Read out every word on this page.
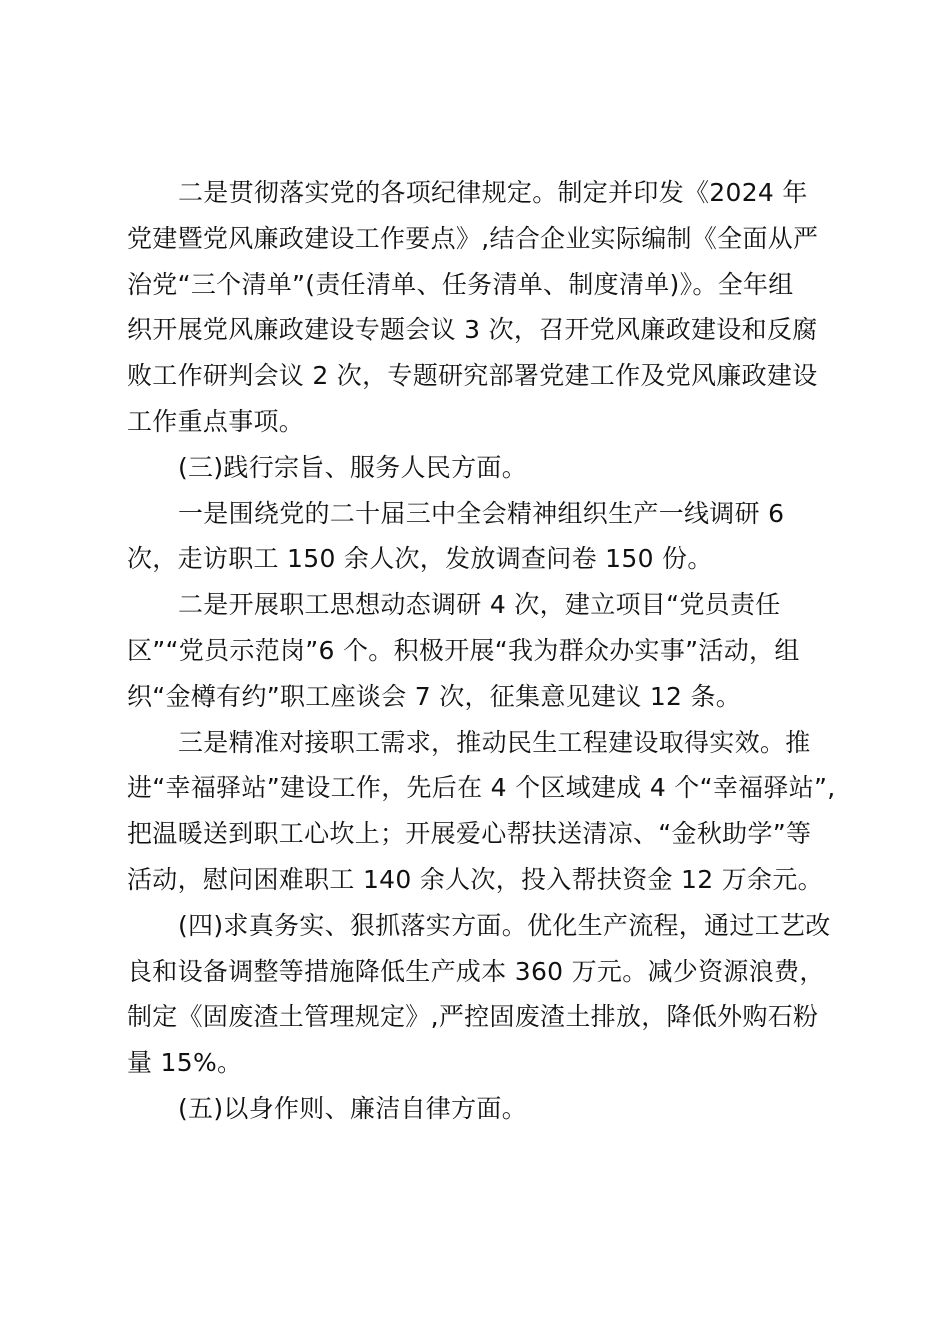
二是贯彻落实党的各项纪律规定。制定并印发《2024 年
党建暨党风廉政建设工作要点》,结合企业实际编制《全面从严
治党“三个清单”(责任清单、任务清单、制度清单)》。全年组
织开展党风廉政建设专题会议 3 次，召开党风廉政建设和反腐
败工作研判会议 2 次，专题研究部署党建工作及党风廉政建设
工作重点事项。
(三)践行宗旨、服务人民方面。
一是围绕党的二十届三中全会精神组织生产一线调研 6
次，走访职工 150 余人次，发放调查问卷 150 份。
二是开展职工思想动态调研 4 次，建立项目“党员责任
区”“党员示范岗”6 个。积极开展“我为群众办实事”活动，组
织“金樽有约”职工座谈会 7 次，征集意见建议 12 条。
三是精准对接职工需求，推动民生工程建设取得实效。推
进“幸福驿站”建设工作，先后在 4 个区域建成 4 个“幸福驿站”,
把温暖送到职工心坎上；开展爱心帮扶送清凉、“金秋助学”等
活动，慰问困难职工 140 余人次，投入帮扶资金 12 万余元。
(四)求真务实、狠抓落实方面。优化生产流程，通过工艺改
良和设备调整等措施降低生产成本 360 万元。减少资源浪费，
制定《固废渣土管理规定》,严控固废渣土排放，降低外购石粉
量 15%。
(五)以身作则、廉洁自律方面。
